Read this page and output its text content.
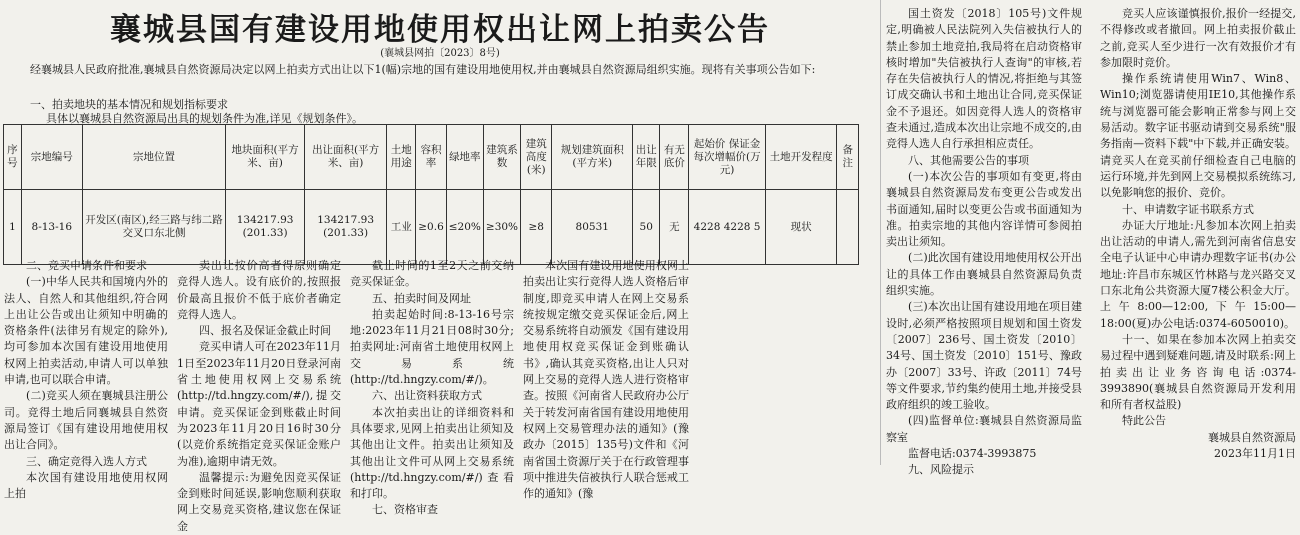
襄城县国有建设用地使用权出让网上拍卖公告
(襄城县网拍〔2023〕8号)
经襄城县人民政府批准,襄城县自然资源局决定以网上拍卖方式出让以下1(幅)宗地的国有建设用地使用权,并由襄城县自然资源局组织实施。现将有关事项公告如下:
一、拍卖地块的基本情况和规划指标要求
具体以襄城县自然资源局出具的规划条件为准,详见《规划条件》。
序号	宗地编号	宗地位置	地块面积(平方米、亩)	出让面积(平方米、亩)	土地用途	容积率	绿地率	建筑系数	建筑高度(米)	规划建筑面积(平方米)	出让年限	有无底价	起始价 保证金 每次增幅价(万元)	土地开发程度	备注
1	8-13-16	开发区(南区),经三路与纬二路交叉口东北侧	134217.93 (201.33)	134217.93 (201.33)	工业	≥0.6	≤20%	≥30%	≥8	80531	50	无	4228 4228 5	现状	

二、竞买申请条件和要求

(一)中华人民共和国境内外的法人、自然人和其他组织,符合网上出让公告或出让须知中明确的资格条件(法律另有规定的除外),均可参加本次国有建设用地使用权网上拍卖活动,申请人可以单独申请,也可以联合申请。

(二)竞买人须在襄城县注册公司。竞得土地后同襄城县自然资源局签订《国有建设用地使用权出让合同》。

三、确定竞得入选人方式

本次国有建设用地使用权网上拍

卖出让按价高者得原则确定竞得人选人。设有底价的,按照报价最高且报价不低于底价者确定竞得人选人。

四、报名及保证金截止时间

竞买申请人可在2023年11月1日至2023年11月20日登录河南省土地使用权网上交易系统(http://td.hngzy.com/#/),提交申请。竞买保证金到账截止时间为2023年11月20日16时30分(以竞价系统指定竞买保证金账户为准),逾期申请无效。

温馨提示:为避免因竞买保证金到账时间延误,影响您顺利获取网上交易竞买资格,建议您在保证金

截止时间的1至2天之前交纳竞买保证金。

五、拍卖时间及网址

拍卖起始时间:8-13-16号宗地:2023年11月21日08时30分;拍卖网址:河南省土地使用权网上交易系统(http://td.hngzy.com/#/)。

六、出让资料获取方式

本次拍卖出让的详细资料和具体要求,见网上拍卖出让须知及其他出让文件。拍卖出让须知及其他出让文件可从网上交易系统(http://td.hngzy.com/#/)查看和打印。

七、资格审查

本次国有建设用地使用权网上拍卖出让实行竞得人选人资格后审制度,即竞买申请人在网上交易系统按规定缴交竞买保证金后,网上交易系统将自动颁发《国有建设用地使用权竞买保证金到账确认书》,确认其竞买资格,出让人只对网上交易的竞得人选人进行资格审查。按照《河南省人民政府办公厅关于转发河南省国有建设用地使用权网上交易管理办法的通知》(豫政办〔2015〕135号)文件和《河南省国土资源厅关于在行政管理事项中推进失信被执行人联合惩戒工作的通知》(豫

国土资发〔2018〕105号)文件规定,明确被人民法院列入失信被执行人的禁止参加土地竞拍,我局将在启动资格审核时增加"失信被执行人查询"的审核,若存在失信被执行人的情况,将拒绝与其签订成交确认书和土地出让合同,竞买保证金不予退还。如因竞得人选人的资格审查未通过,造成本次出让宗地不成交的,由竞得人选人自行承担相应责任。

八、其他需要公告的事项

(一)本次公告的事项如有变更,将由襄城县自然资源局发布变更公告或发出书面通知,届时以变更公告或书面通知为准。拍卖宗地的其他内容详情可参阅拍卖出让须知。

(二)此次国有建设用地使用权公开出让的具体工作由襄城县自然资源局负责组织实施。

(三)本次出让国有建设用地在项目建设时,必须严格按照项目规划和国土资发〔2007〕236号、国土资发〔2010〕34号、国土资发〔2010〕151号、豫政办〔2007〕33号、许政〔2011〕74号等文件要求,节约集约使用土地,并接受县政府组织的竣工验收。

(四)监督单位:襄城县自然资源局监察室

监督电话:0374-3993875

九、风险提示

竞买人应该谨慎报价,报价一经提交,不得修改或者撤回。网上拍卖报价截止之前,竞买人至少进行一次有效报价才有参加限时竞价。

操作系统请使用Win7、Win8、Win10;浏览器请使用IE10,其他操作系统与浏览器可能会影响正常参与网上交易活动。数字证书驱动请到交易系统"服务指南—资料下载"中下载,并正确安装。请竞买人在竞买前仔细检查自己电脑的运行环境,并先到网上交易模拟系统练习,以免影响您的报价、竞价。

十、申请数字证书联系方式

办证大厅地址:凡参加本次网上拍卖出让活动的申请人,需先到河南省信息安全电子认证中心申请办理数字证书(办公地址:许昌市东城区竹林路与龙兴路交叉口东北角公共资源大厦7楼公积金大厅。上午8:00—12:00,下午15:00—18:00(夏)办公电话:0374-6050010)。

十一、如果在参加本次网上拍卖交易过程中遇到疑难问题,请及时联系:网上拍卖出让业务咨询电话:0374-3993890(襄城县自然资源局开发利用和所有者权益股)

特此公告

襄城县自然资源局

2023年11月1日
